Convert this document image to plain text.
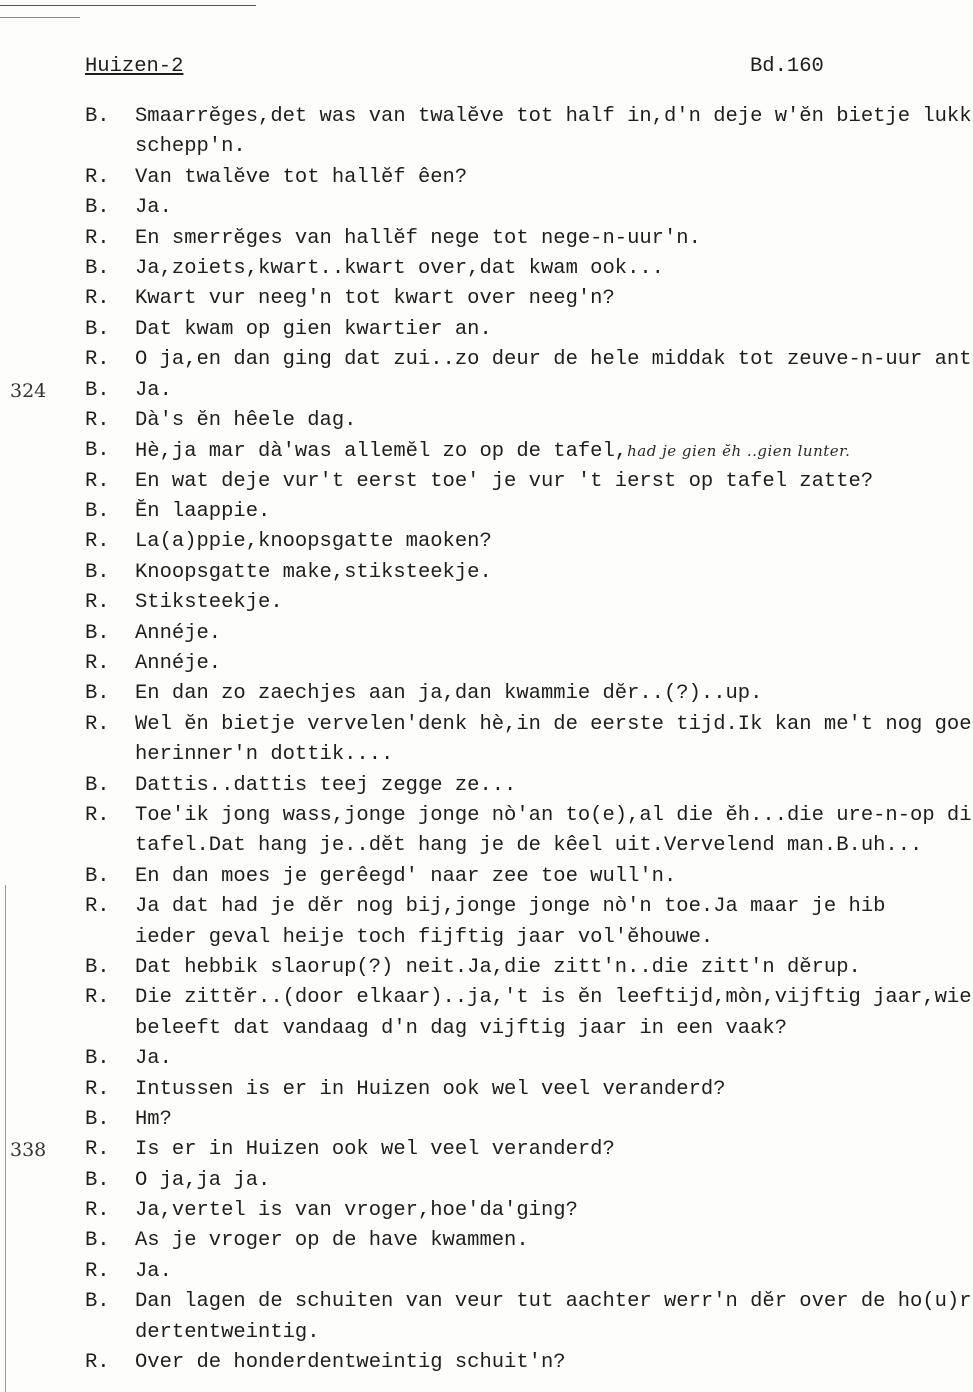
Huizen-2	Bd.160
B. Smaarrĕges,det was van twalĕve tot half in,d'n deje w'ĕn bietje lukk
schepp'n.
R. Van twalĕve tot hallĕf êen?
B. Ja.
R. En smerrĕges van hallĕf nege tot nege-n-uur'n.
B. Ja,zoiets,kwart..kwart over,dat kwam ook...
R. Kwart vur neeg'n tot kwart over neeg'n?
B. Dat kwam op gien kwartier an.
R. O ja,en dan ging dat zui..zo deur de hele middak tot zeuve-n-uur ant
324 B. Ja.
R. Dà's ĕn hêele dag.
B. Hè,ja mar dà'was allemĕl zo op de tafel,had je gien ĕh ..gien lunter.
R. En wat deje vur't eerst toe' je vur 't ierst op tafel zatte?
B. Ĕn laappie.
R. La(a)ppie,knoopsgatte maoken?
B. Knoopsgatte make,stiksteekje.
R. Stiksteekje.
B. Annéje.
R. Annéje.
B. En dan zo zaechjes aan ja,dan kwammie dĕr..(?)..up.
R. Wel ĕn bietje vervelen'denk hè,in de eerste tijd.Ik kan me't nog goe
herinner'n dottik....
B. Dattis..dattis teej zegge ze...
R. Toe'ik jong wass,jonge jonge nò'an to(e),al die ĕh...die ure-n-op di
tafel.Dat hang je..dĕt hang je de kêel uit.Vervelend man.B.uh...
B. En dan moes je gerêegd' naar zee toe wull'n.
R. Ja dat had je dĕr nog bij,jonge jonge nò'n toe.Ja maar je hib
ieder geval heije toch fijftig jaar vol'ĕhouwe.
B. Dat hebbik slaorup(?) neit.Ja,die zitt'n..die zitt'n dĕrup.
R. Die zittĕr..(door elkaar)..ja,'t is ĕn leeftijd,mòn,vijftig jaar,wie
beleeft dat vandaag d'n dag vijftig jaar in een vaak?
B. Ja.
R. Intussen is er in Huizen ook wel veel veranderd?
B. Hm?
338 R. Is er in Huizen ook wel veel veranderd?
B. O ja,ja ja.
R. Ja,vertel is van vroger,hoe'da'ging?
B. As je vroger op de have kwammen.
R. Ja.
B. Dan lagen de schuiten van veur tut aachter werr'n dĕr over de ho(u)r
dertentweintig.
R. Over de honderdentweintig schuit'n?
